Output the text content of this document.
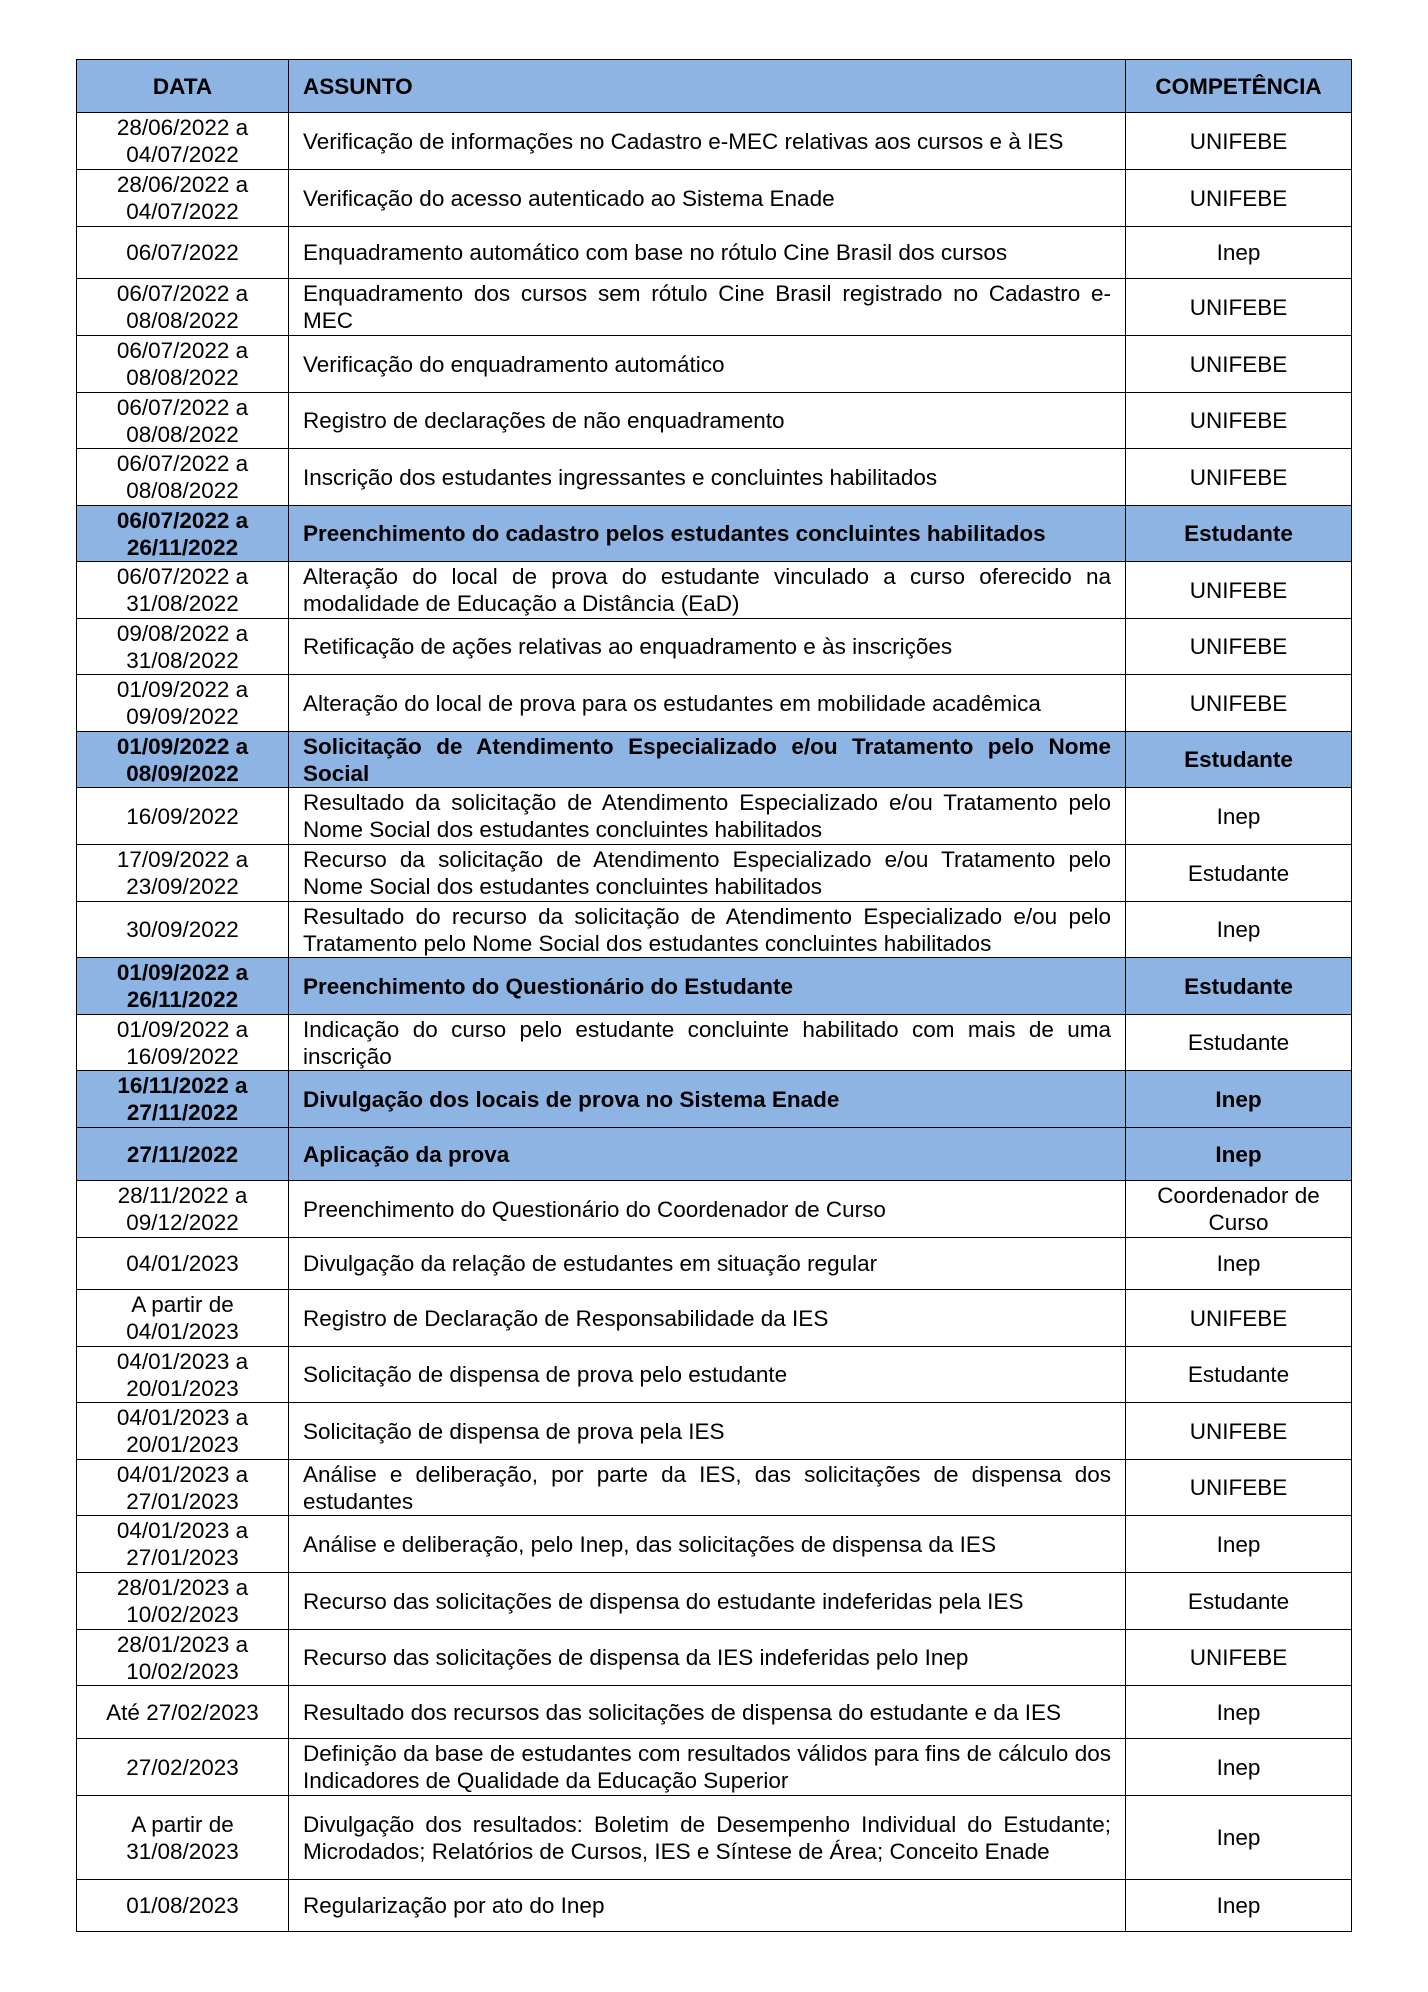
DATA	ASSUNTO	COMPETÊNCIA
28/06/2022 a 04/07/2022	Verificação de informações no Cadastro e-MEC relativas aos cursos e à IES	UNIFEBE
28/06/2022 a 04/07/2022	Verificação do acesso autenticado ao Sistema Enade	UNIFEBE
06/07/2022	Enquadramento automático com base no rótulo Cine Brasil dos cursos	Inep
06/07/2022 a 08/08/2022	Enquadramento dos cursos sem rótulo Cine Brasil registrado no Cadastro e-MEC	UNIFEBE
06/07/2022 a 08/08/2022	Verificação do enquadramento automático	UNIFEBE
06/07/2022 a 08/08/2022	Registro de declarações de não enquadramento	UNIFEBE
06/07/2022 a 08/08/2022	Inscrição dos estudantes ingressantes e concluintes habilitados	UNIFEBE
06/07/2022 a 26/11/2022	Preenchimento do cadastro pelos estudantes concluintes habilitados	Estudante
06/07/2022 a 31/08/2022	Alteração do local de prova do estudante vinculado a curso oferecido na modalidade de Educação a Distância (EaD)	UNIFEBE
09/08/2022 a 31/08/2022	Retificação de ações relativas ao enquadramento e às inscrições	UNIFEBE
01/09/2022 a 09/09/2022	Alteração do local de prova para os estudantes em mobilidade acadêmica	UNIFEBE
01/09/2022 a 08/09/2022	Solicitação de Atendimento Especializado e/ou Tratamento pelo Nome Social	Estudante
16/09/2022	Resultado da solicitação de Atendimento Especializado e/ou Tratamento pelo Nome Social dos estudantes concluintes habilitados	Inep
17/09/2022 a 23/09/2022	Recurso da solicitação de Atendimento Especializado e/ou Tratamento pelo Nome Social dos estudantes concluintes habilitados	Estudante
30/09/2022	Resultado do recurso da solicitação de Atendimento Especializado e/ou pelo Tratamento pelo Nome Social dos estudantes concluintes habilitados	Inep
01/09/2022 a 26/11/2022	Preenchimento do Questionário do Estudante	Estudante
01/09/2022 a 16/09/2022	Indicação do curso pelo estudante concluinte habilitado com mais de uma inscrição	Estudante
16/11/2022 a 27/11/2022	Divulgação dos locais de prova no Sistema Enade	Inep
27/11/2022	Aplicação da prova	Inep
28/11/2022 a 09/12/2022	Preenchimento do Questionário do Coordenador de Curso	Coordenador de Curso
04/01/2023	Divulgação da relação de estudantes em situação regular	Inep
A partir de 04/01/2023	Registro de Declaração de Responsabilidade da IES	UNIFEBE
04/01/2023 a 20/01/2023	Solicitação de dispensa de prova pelo estudante	Estudante
04/01/2023 a 20/01/2023	Solicitação de dispensa de prova pela IES	UNIFEBE
04/01/2023 a 27/01/2023	Análise e deliberação, por parte da IES, das solicitações de dispensa dos estudantes	UNIFEBE
04/01/2023 a 27/01/2023	Análise e deliberação, pelo Inep, das solicitações de dispensa da IES	Inep
28/01/2023 a 10/02/2023	Recurso das solicitações de dispensa do estudante indeferidas pela IES	Estudante
28/01/2023 a 10/02/2023	Recurso das solicitações de dispensa da IES indeferidas pelo Inep	UNIFEBE
Até 27/02/2023	Resultado dos recursos das solicitações de dispensa do estudante e da IES	Inep
27/02/2023	Definição da base de estudantes com resultados válidos para fins de cálculo dos Indicadores de Qualidade da Educação Superior	Inep
A partir de 31/08/2023	Divulgação dos resultados: Boletim de Desempenho Individual do Estudante; Microdados; Relatórios de Cursos, IES e Síntese de Área; Conceito Enade	Inep
01/08/2023	Regularização por ato do Inep	Inep
